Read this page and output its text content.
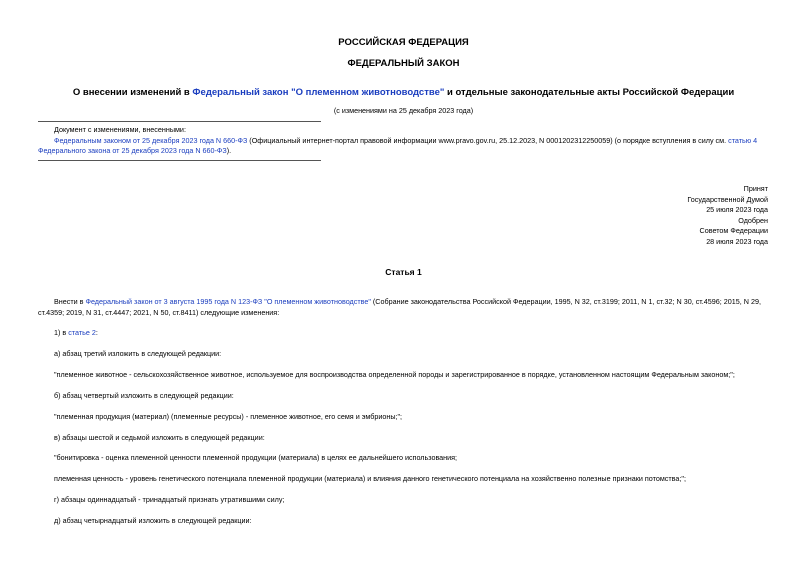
РОССИЙСКАЯ ФЕДЕРАЦИЯ
ФЕДЕРАЛЬНЫЙ ЗАКОН
О внесении изменений в Федеральный закон "О племенном животноводстве" и отдельные законодательные акты Российской Федерации
(с изменениями на 25 декабря 2023 года)
Документ с изменениями, внесенными:
Федеральным законом от 25 декабря 2023 года N 660-ФЗ (Официальный интернет-портал правовой информации www.pravo.gov.ru, 25.12.2023, N 0001202312250059) (о порядке вступления в силу см. статью 4
Федерального закона от 25 декабря 2023 года N 660-ФЗ).
Принят
Государственной Думой
25 июля 2023 года
Одобрен
Советом Федерации
28 июля 2023 года
Статья 1
Внести в Федеральный закон от 3 августа 1995 года N 123-ФЗ "О племенном животноводстве" (Собрание законодательства Российской Федерации, 1995, N 32, ст.3199; 2011, N 1, ст.32; N 30, ст.4596; 2015, N 29,
ст.4359; 2019, N 31, ст.4447; 2021, N 50, ст.8411) следующие изменения:
1) в статье 2:
а) абзац третий изложить в следующей редакции:
"племенное животное - сельскохозяйственное животное, используемое для воспроизводства определенной породы и зарегистрированное в порядке, установленном настоящим Федеральным законом;";
б) абзац четвертый изложить в следующей редакции:
"племенная продукция (материал) (племенные ресурсы) - племенное животное, его семя и эмбрионы;";
в) абзацы шестой и седьмой изложить в следующей редакции:
"бонитировка - оценка племенной ценности племенной продукции (материала) в целях ее дальнейшего использования;
племенная ценность - уровень генетического потенциала племенной продукции (материала) и влияния данного генетического потенциала на хозяйственно полезные признаки потомства;";
г) абзацы одиннадцатый - тринадцатый признать утратившими силу;
д) абзац четырнадцатый изложить в следующей редакции:
